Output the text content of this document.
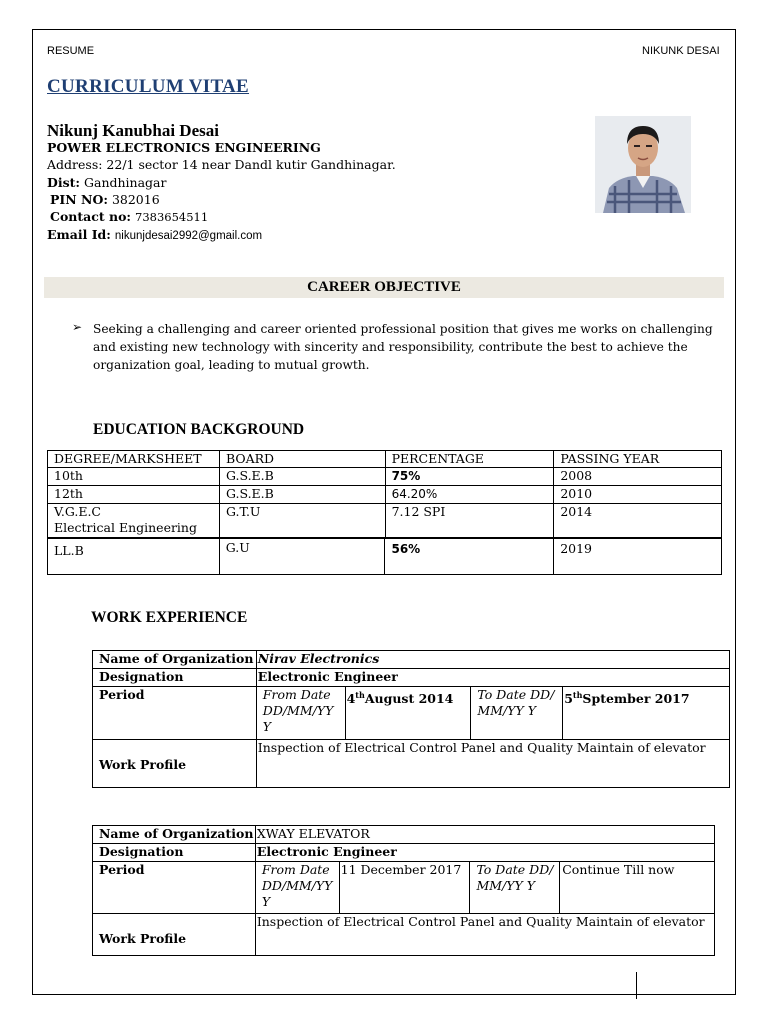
RESUME	NIKUNK DESAI
CURRICULUM VITAE
Nikunj Kanubhai Desai
POWER ELECTRONICS ENGINEERING
Address: 22/1 sector 14 near Dandl kutir Gandhinagar.
Dist: Gandhinagar
PIN NO: 382016
Contact no: 7383654511
Email Id: nikunjdesai2992@gmail.com
CAREER OBJECTIVE
➢ Seeking a challenging and career oriented professional position that gives me works on challenging and existing new technology with sincerity and responsibility, contribute the best to achieve the organization goal, leading to mutual growth.
EDUCATION BACKGROUND
DEGREE/MARKSHEET	BOARD	PERCENTAGE	PASSING YEAR
10th	G.S.E.B	75%	2008
12th	G.S.E.B	64.20%	2010

V.G.E.C
Electrical Engineering	G.T.U	7.12 SPI	2014
LL.B	G.U	56%	2019
WORK EXPERIENCE
Name of Organization	Nirav Electronics			
Designation	Electronic Engineer			
Period	From Date DD/MM/YY Y	4thAugust 2014	To Date DD/MM/YY Y	5thSptember 2017
Work Profile	Inspection of Electrical Control Panel and Quality Maintain of elevator			
Name of Organization	XWAY ELEVATOR			
Designation	Electronic Engineer			
Period	From Date DD/MM/YY Y	11 December 2017	To Date DD/MM/YY Y	Continue Till now
Work Profile	Inspection of Electrical Control Panel and Quality Maintain of elevator			
